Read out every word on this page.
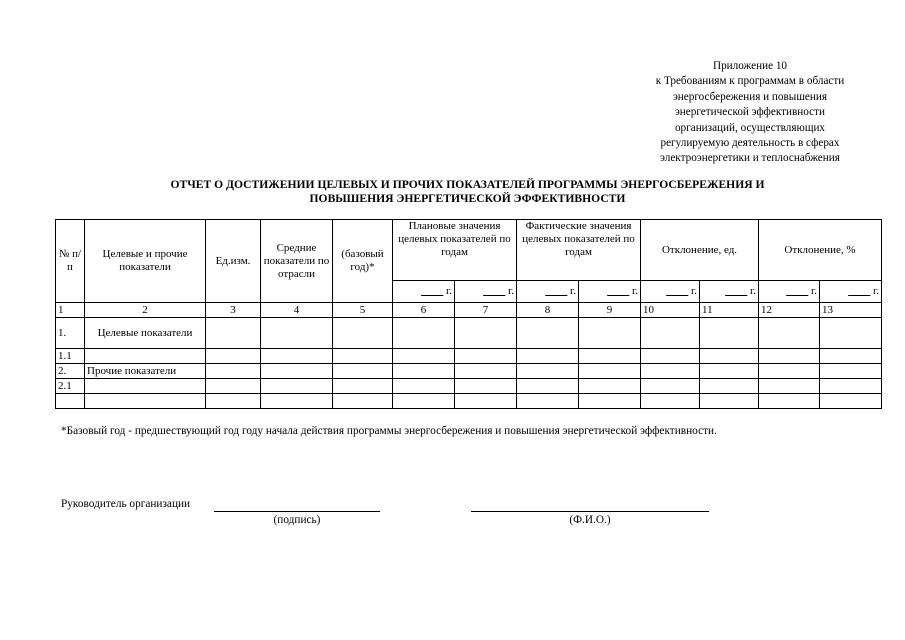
Приложение 10
к Требованиям к программам в области
энергосбережения и повышения
энергетической эффективности
организаций, осуществляющих
регулируемую деятельность в сферах
электроэнергетики и теплоснабжения
ОТЧЕТ О ДОСТИЖЕНИИ ЦЕЛЕВЫХ И ПРОЧИХ ПОКАЗАТЕЛЕЙ ПРОГРАММЫ ЭНЕРГОСБЕРЕЖЕНИЯ И
ПОВЫШЕНИЯ ЭНЕРГЕТИЧЕСКОЙ ЭФФЕКТИВНОСТИ
№ п/п	Целевые и прочие показатели	Ед.изм.	Средние показатели по отрасли	(базовый год)*	Плановые значения целевых показателей по годам		Фактические значения целевых показателей по годам		Отклонение, ед.		Отклонение, %	
					____ г.	____ г.	____ г.	____ г.	____ г.	____ г.	____ г.	____ г.
1	2	3	4	5	6	7	8	9	10	11	12	13
1.	Целевые показатели											
1.1												
2.	Прочие показатели											
2.1												

*Базовый год - предшествующий год году начала действия программы энергосбережения и повышения энергетической эффективности.
Руководитель организации
(подпись)	(Ф.И.О.)
